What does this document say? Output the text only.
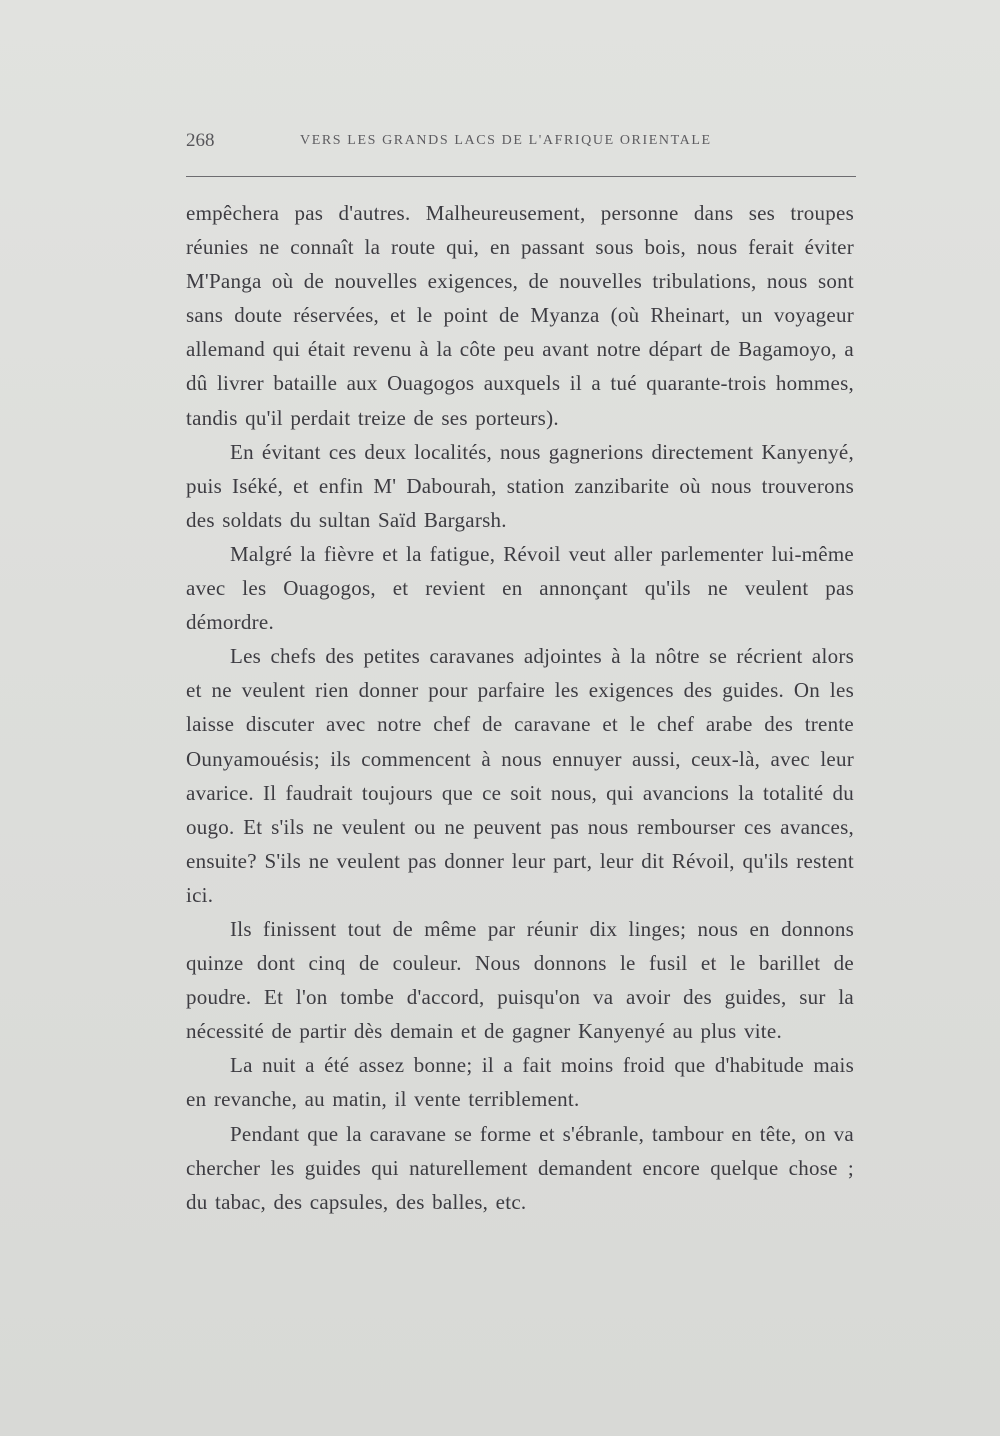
268	VERS LES GRANDS LACS DE L'AFRIQUE ORIENTALE

empêchera pas d'autres. Malheureusement, personne dans ses troupes réunies ne connaît la route qui, en passant sous bois, nous ferait éviter M'Panga où de nouvelles exigences, de nouvelles tribulations, nous sont sans doute réservées, et le point de Myanza (où Rheinart, un voyageur allemand qui était revenu à la côte peu avant notre départ de Bagamoyo, a dû livrer bataille aux Ouagogos auxquels il a tué quarante-trois hommes, tandis qu'il perdait treize de ses porteurs).

En évitant ces deux localités, nous gagnerions directement Kanyenyé, puis Iséké, et enfin M' Dabourah, station zanzibarite où nous trouverons des soldats du sultan Saïd Bargarsh.

Malgré la fièvre et la fatigue, Révoil veut aller parlementer lui-même avec les Ouagogos, et revient en annonçant qu'ils ne veulent pas démordre.

Les chefs des petites caravanes adjointes à la nôtre se récrient alors et ne veulent rien donner pour parfaire les exigences des guides. On les laisse discuter avec notre chef de caravane et le chef arabe des trente Ounyamouésis; ils commencent à nous ennuyer aussi, ceux-là, avec leur avarice. Il faudrait toujours que ce soit nous, qui avancions la totalité du ougo. Et s'ils ne veulent ou ne peuvent pas nous rembourser ces avances, ensuite? S'ils ne veulent pas donner leur part, leur dit Révoil, qu'ils restent ici.

Ils finissent tout de même par réunir dix linges; nous en donnons quinze dont cinq de couleur. Nous donnons le fusil et le barillet de poudre. Et l'on tombe d'accord, puisqu'on va avoir des guides, sur la nécessité de partir dès demain et de gagner Kanyenyé au plus vite.

La nuit a été assez bonne; il a fait moins froid que d'habitude mais en revanche, au matin, il vente terriblement.

Pendant que la caravane se forme et s'ébranle, tambour en tête, on va chercher les guides qui naturellement demandent encore quelque chose ; du tabac, des capsules, des balles, etc.
